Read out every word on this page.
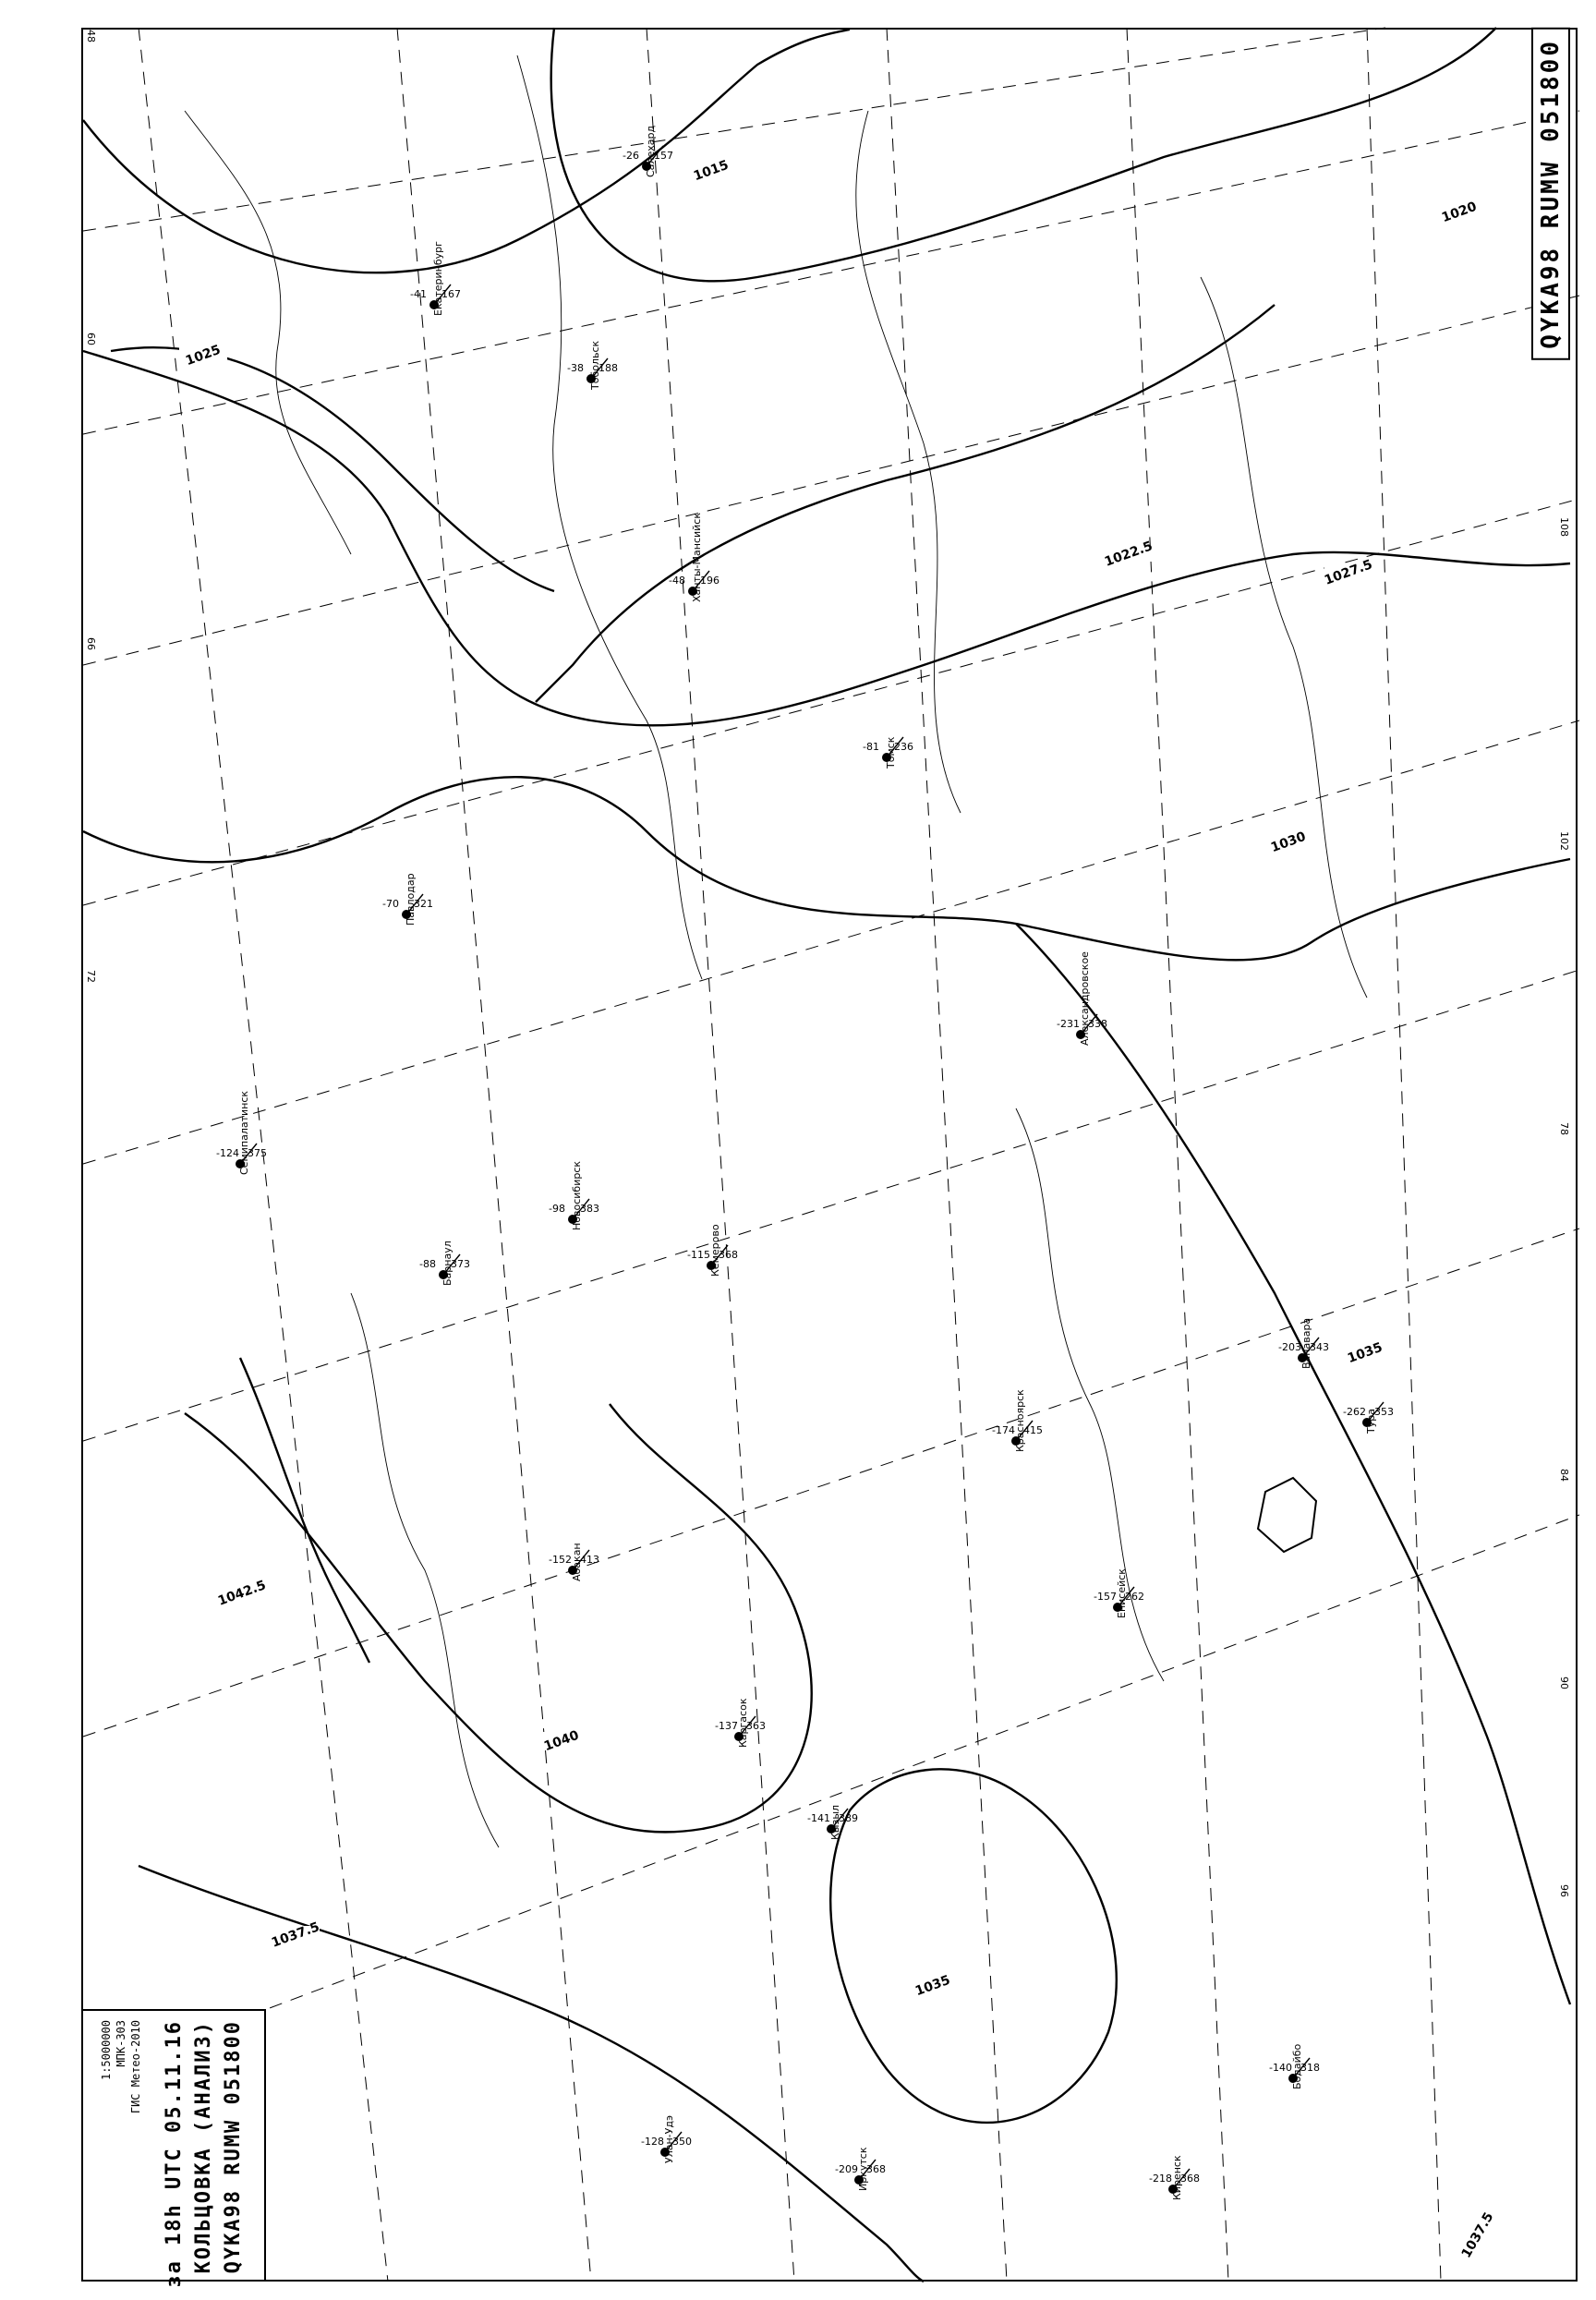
48
60
66
72
78
84
90
96
102
108
1015
1020
1022.5
1027.5
1025
1030
1035
1035
1037.5
1040
1042.5
1037.5
-26 157
Салехард
-41 167
Екатеринбург
-38 188
Тобольск
-48 196
Ханты-Мансийск
-70 321
Павлодар
-124 375
Семипалатинск
-88 373
Барнаул
-98 383
Новосибирск
-81 236
Томск
-115 368
Кемерово
-174 415
Красноярск
-157 262
Енисейск
-231 338
Александровское
-137 363
Каргасок
-262 353
Тура
-203 343
Ванавара
-141 389
Кызыл
-152 413
Абакан
-209 368
Иркутск
-128 350
Улан-Удэ
-218 368
Киренск
-140 318
Бодайбо
QYKA98 RUMW 051800
QYKA98 RUMW 051800
КОЛЬЦОВКА (АНАЛИЗ)
за 18h UTC 05.11.16
ГИС Метео-2010
МПК-303
1:5000000
